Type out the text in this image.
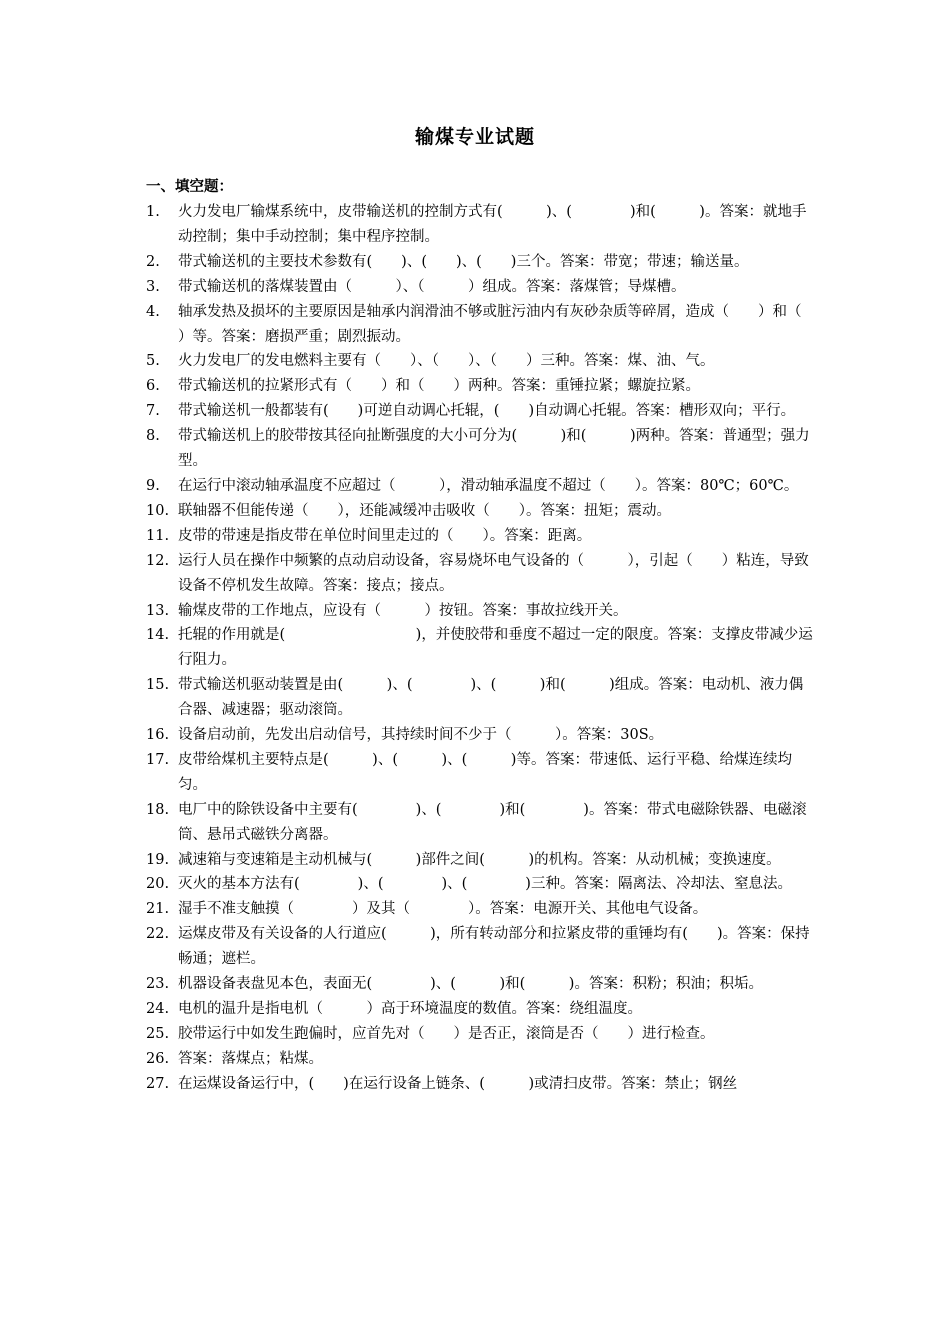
输煤专业试题
一、填空题：
1. 火力发电厂输煤系统中，皮带输送机的控制方式有(　　　)、(　　　　)和(　　　)。答案：就地手动控制；集中手动控制；集中程序控制。
2. 带式输送机的主要技术参数有(　　)、(　　)、(　　)三个。答案：带宽；带速；输送量。
3. 带式输送机的落煤装置由（　　　）、（　　　）组成。答案：落煤管；导煤槽。
4. 轴承发热及损坏的主要原因是轴承内润滑油不够或脏污油内有灰砂杂质等碎屑，造成（　　）和（　　　）等。答案：磨损严重；剧烈振动。
5. 火力发电厂的发电燃料主要有（　　）、（　　）、（　　）三种。答案：煤、油、气。
6. 带式输送机的拉紧形式有（　　）和（　　）两种。答案：重锤拉紧；螺旋拉紧。
7. 带式输送机一般都装有(　　)可逆自动调心托辊，(　　)自动调心托辊。答案：槽形双向；平行。
8. 带式输送机上的胶带按其径向扯断强度的大小可分为(　　　)和(　　　)两种。答案：普通型；强力型。
9. 在运行中滚动轴承温度不应超过（　　　），滑动轴承温度不超过（　　）。答案：80℃；60℃。
10. 联轴器不但能传递（　　），还能减缓冲击吸收（　　）。答案：扭矩；震动。
11. 皮带的带速是指皮带在单位时间里走过的（　　）。答案：距离。
12. 运行人员在操作中频繁的点动启动设备，容易烧坏电气设备的（　　　），引起（　　）粘连，导致设备不停机发生故障。答案：接点；接点。
13. 输煤皮带的工作地点，应设有（　　　）按钮。答案：事故拉线开关。
14. 托辊的作用就是(　　　　　　　　　)，并使胶带和垂度不超过一定的限度。答案：支撑皮带减少运行阻力。
15. 带式输送机驱动装置是由(　　　)、(　　　　)、(　　　)和(　　　)组成。答案：电动机、液力偶合器、减速器；驱动滚筒。
16. 设备启动前，先发出启动信号，其持续时间不少于（　　　）。答案：30S。
17. 皮带给煤机主要特点是(　　　)、(　　　)、(　　　)等。答案：带速低、运行平稳、给煤连续均匀。
18. 电厂中的除铁设备中主要有(　　　　)、(　　　　)和(　　　　)。答案：带式电磁除铁器、电磁滚筒、悬吊式磁铁分离器。
19. 减速箱与变速箱是主动机械与(　　　)部件之间(　　　)的机构。答案：从动机械；变换速度。
20. 灭火的基本方法有(　　　　)、(　　　　)、(　　　　)三种。答案：隔离法、冷却法、窒息法。
21. 湿手不准支触摸（　　　　）及其（　　　　）。答案：电源开关、其他电气设备。
22. 运煤皮带及有关设备的人行道应(　　　)，所有转动部分和拉紧皮带的重锤均有(　　)。答案：保持畅通；遮栏。
23. 机器设备表盘见本色，表面无(　　　　)、(　　　)和(　　　)。答案：积粉；积油；积垢。
24. 电机的温升是指电机（　　　）高于环境温度的数值。答案：绕组温度。
25. 胶带运行中如发生跑偏时，应首先对（　　）是否正，滚筒是否（　　）进行检查。
26. 答案：落煤点；粘煤。
27. 在运煤设备运行中，(　　)在运行设备上链条、(　　　)或清扫皮带。答案：禁止；钢丝
